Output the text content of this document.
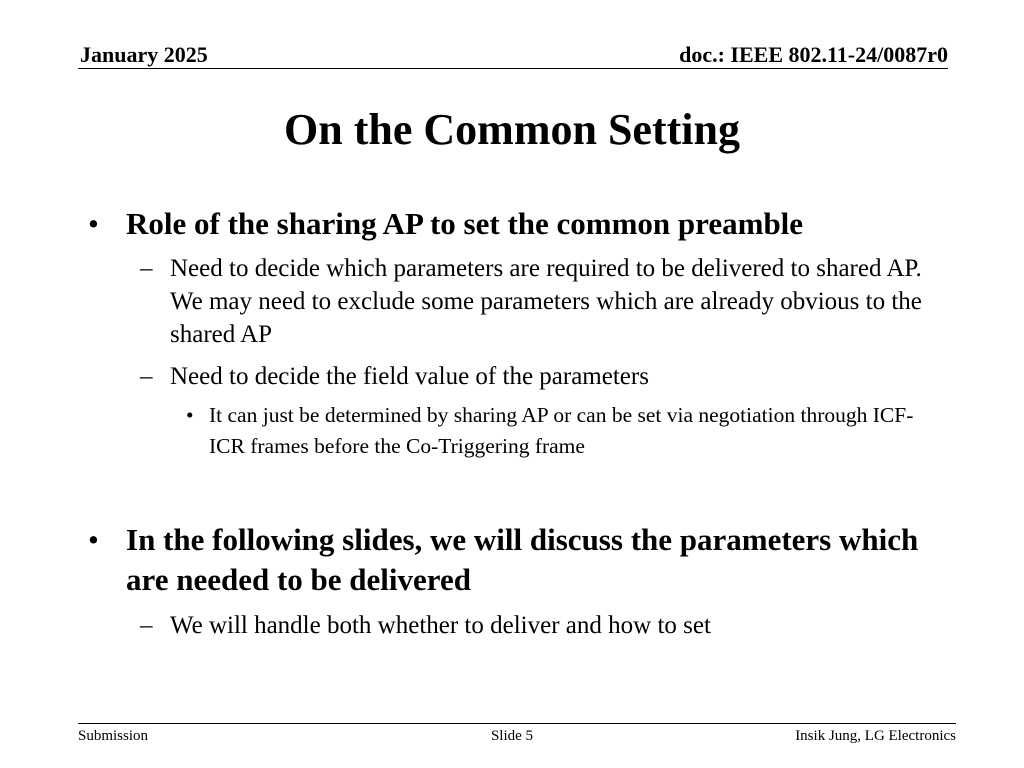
January 2025	doc.: IEEE 802.11-24/0087r0
On the Common Setting
• Role of the sharing AP to set the common preamble
– Need to decide which parameters are required to be delivered to shared AP. We may need to exclude some parameters which are already obvious to the shared AP
– Need to decide the field value of the parameters
• It can just be determined by sharing AP or can be set via negotiation through ICF-ICR frames before the Co-Triggering frame
• In the following slides, we will discuss the parameters which are needed to be delivered
– We will handle both whether to deliver and how to set
Submission	Slide 5	Insik Jung, LG Electronics
